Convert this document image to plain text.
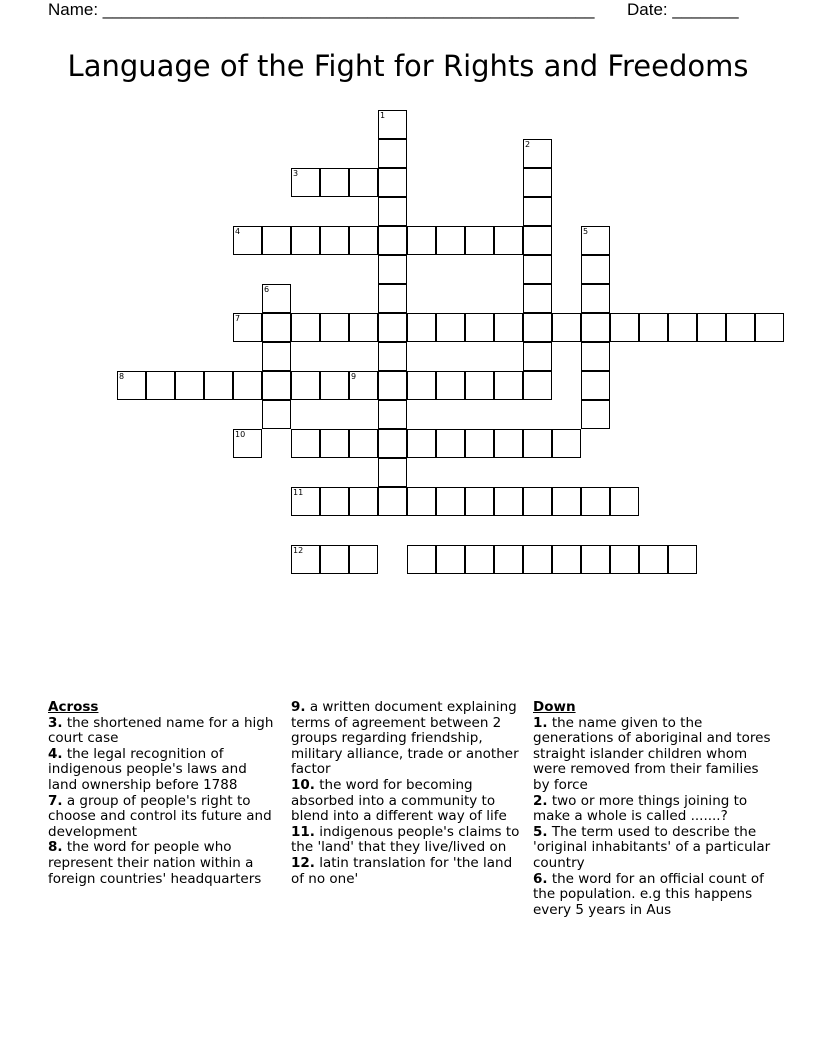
Name: ____________________________________________________ Date: _______
Language of the Fight for Rights and Freedoms
1
2
3
4	5
6
7
8	9
10
11
12
Across

3. the shortened name for a high court case

4. the legal recognition of indigenous people's laws and land ownership before 1788

7. a group of people's right to choose and control its future and development

8. the word for people who represent their nation within a foreign countries' headquarters

9. a written document explaining terms of agreement between 2 groups regarding friendship, military alliance, trade or another factor

10. the word for becoming absorbed into a community to blend into a different way of life

11. indigenous people's claims to the 'land' that they live/lived on

12. latin translation for 'the land of no one'

Down

1. the name given to the generations of aboriginal and tores straight islander children whom were removed from their families by force

2. two or more things joining to make a whole is called .......?

5. The term used to describe the 'original inhabitants' of a particular country

6. the word for an official count of the population. e.g this happens every 5 years in Aus
